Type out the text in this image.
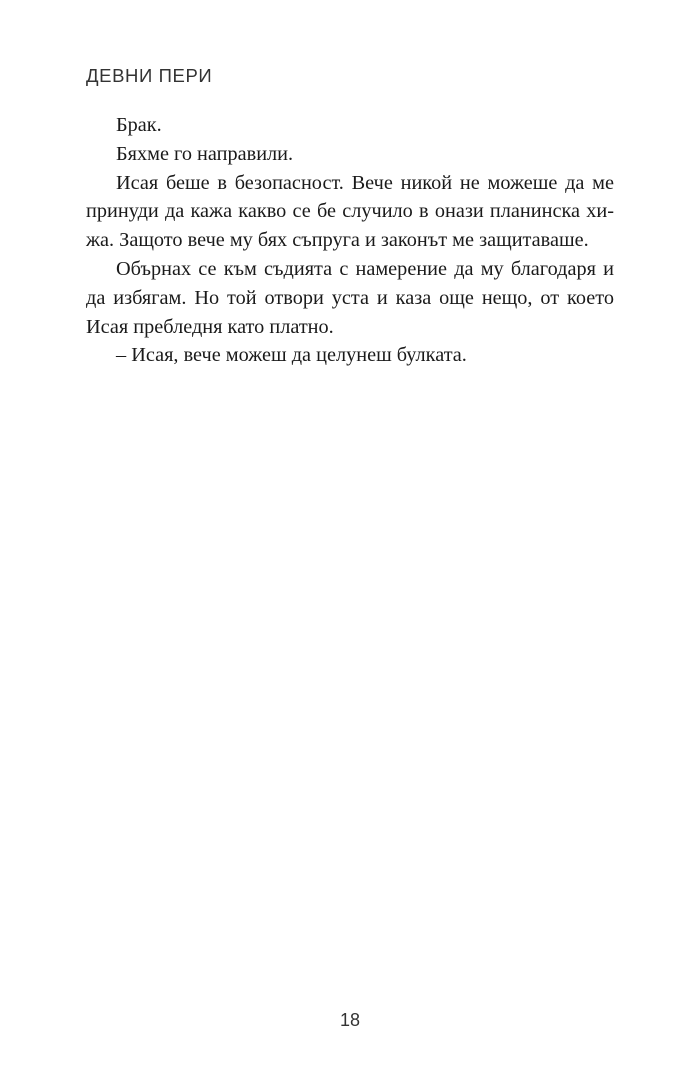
ДЕВНИ ПЕРИ
Брак.
Бяхме го направили.
Исая беше в безопасност. Вече никой не можеше да ме
принуди да кажа какво се бе случило в онази планинска хи-
жа. Защото вече му бях съпруга и законът ме защитаваше.
Обърнах се към съдията с намерение да му благодаря и
да избягам. Но той отвори уста и каза още нещо, от което
Исая пребледня като платно.
– Исая, вече можеш да целунеш булката.
18
